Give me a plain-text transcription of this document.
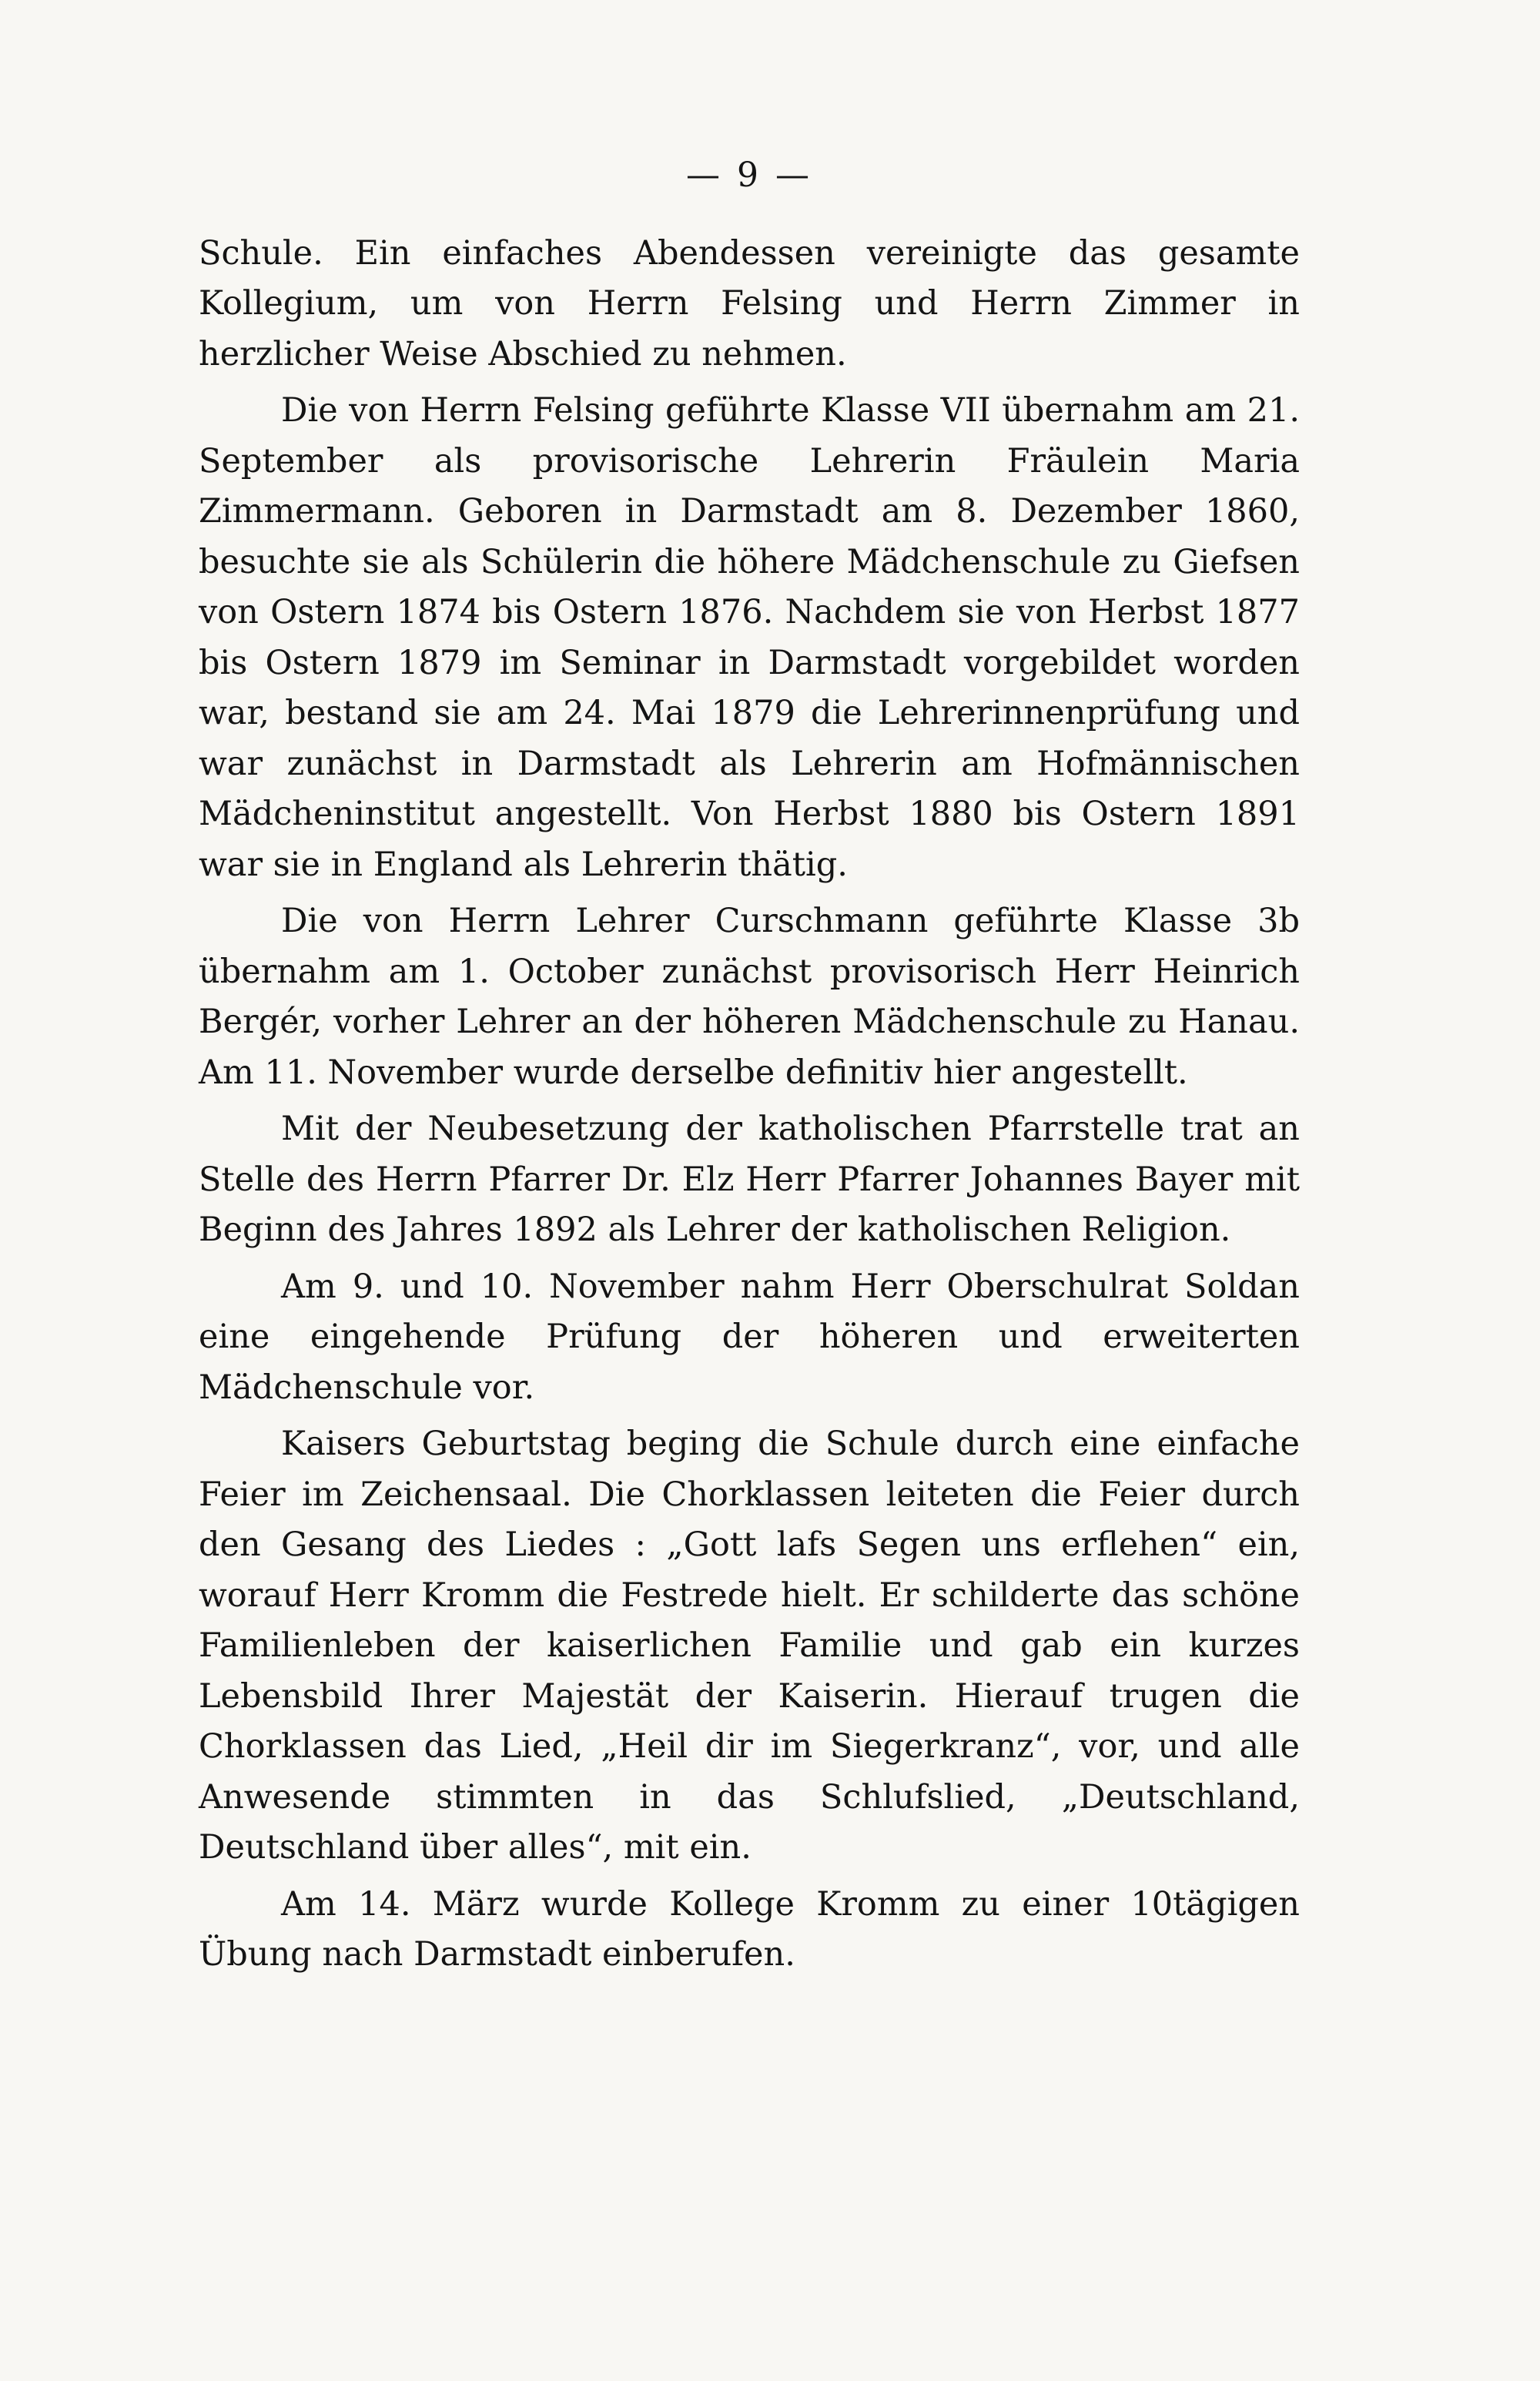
— 9 —

Schule. Ein einfaches Abendessen vereinigte das gesamte Kollegium, um von Herrn Felsing und Herrn Zimmer in herzlicher Weise Abschied zu nehmen.

Die von Herrn Felsing geführte Klasse VII übernahm am 21. September als provisorische Lehrerin Fräulein Maria Zimmermann. Geboren in Darmstadt am 8. Dezember 1860, besuchte sie als Schülerin die höhere Mädchenschule zu Giefsen von Ostern 1874 bis Ostern 1876. Nachdem sie von Herbst 1877 bis Ostern 1879 im Seminar in Darmstadt vorgebildet worden war, bestand sie am 24. Mai 1879 die Lehrerinnenprüfung und war zunächst in Darmstadt als Lehrerin am Hofmännischen Mädcheninstitut angestellt. Von Herbst 1880 bis Ostern 1891 war sie in England als Lehrerin thätig.

Die von Herrn Lehrer Curschmann geführte Klasse 3b übernahm am 1. October zunächst provisorisch Herr Heinrich Bergér, vorher Lehrer an der höheren Mädchenschule zu Hanau. Am 11. November wurde derselbe definitiv hier angestellt.

Mit der Neubesetzung der katholischen Pfarrstelle trat an Stelle des Herrn Pfarrer Dr. Elz Herr Pfarrer Johannes Bayer mit Beginn des Jahres 1892 als Lehrer der katholischen Religion.

Am 9. und 10. November nahm Herr Oberschulrat Soldan eine eingehende Prüfung der höheren und erweiterten Mädchenschule vor.

Kaisers Geburtstag beging die Schule durch eine einfache Feier im Zeichensaal. Die Chorklassen leiteten die Feier durch den Gesang des Liedes : „Gott lafs Segen uns erflehen“ ein, worauf Herr Kromm die Festrede hielt. Er schilderte das schöne Familienleben der kaiserlichen Familie und gab ein kurzes Lebensbild Ihrer Majestät der Kaiserin. Hierauf trugen die Chorklassen das Lied, „Heil dir im Siegerkranz“, vor, und alle Anwesende stimmten in das Schlufslied, „Deutschland, Deutschland über alles“, mit ein.

Am 14. März wurde Kollege Kromm zu einer 10tägigen Übung nach Darmstadt einberufen.
